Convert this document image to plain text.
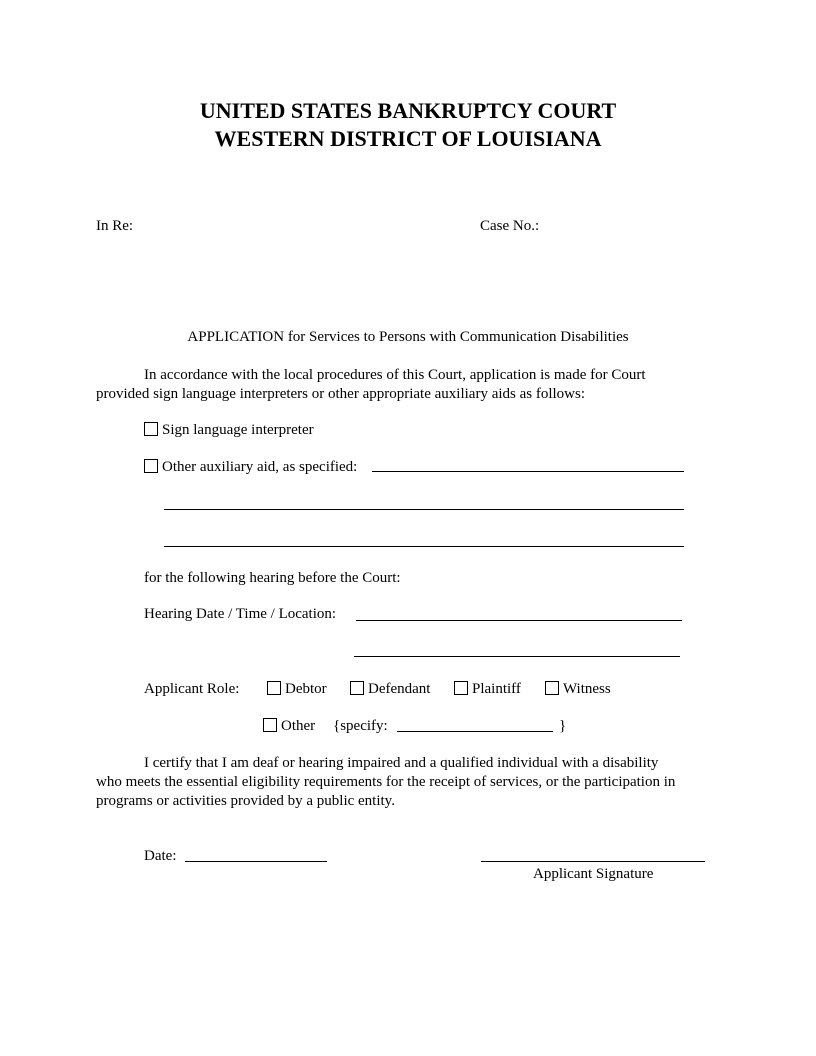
UNITED STATES BANKRUPTCY COURT
WESTERN DISTRICT OF LOUISIANA
In Re:	Case No.:
APPLICATION for Services to Persons with Communication Disabilities
In accordance with the local procedures of this Court, application is made for Court
provided sign language interpreters or other appropriate auxiliary aids as follows:
Sign language interpreter
Other auxiliary aid, as specified:
for the following hearing before the Court:
Hearing Date / Time / Location:
Applicant Role:	Debtor	Defendant	Plaintiff	Witness
Other {specify:	}
I certify that I am deaf or hearing impaired and a qualified individual with a disability
who meets the essential eligibility requirements for the receipt of services, or the participation in
programs or activities provided by a public entity.
Date:
Applicant Signature
